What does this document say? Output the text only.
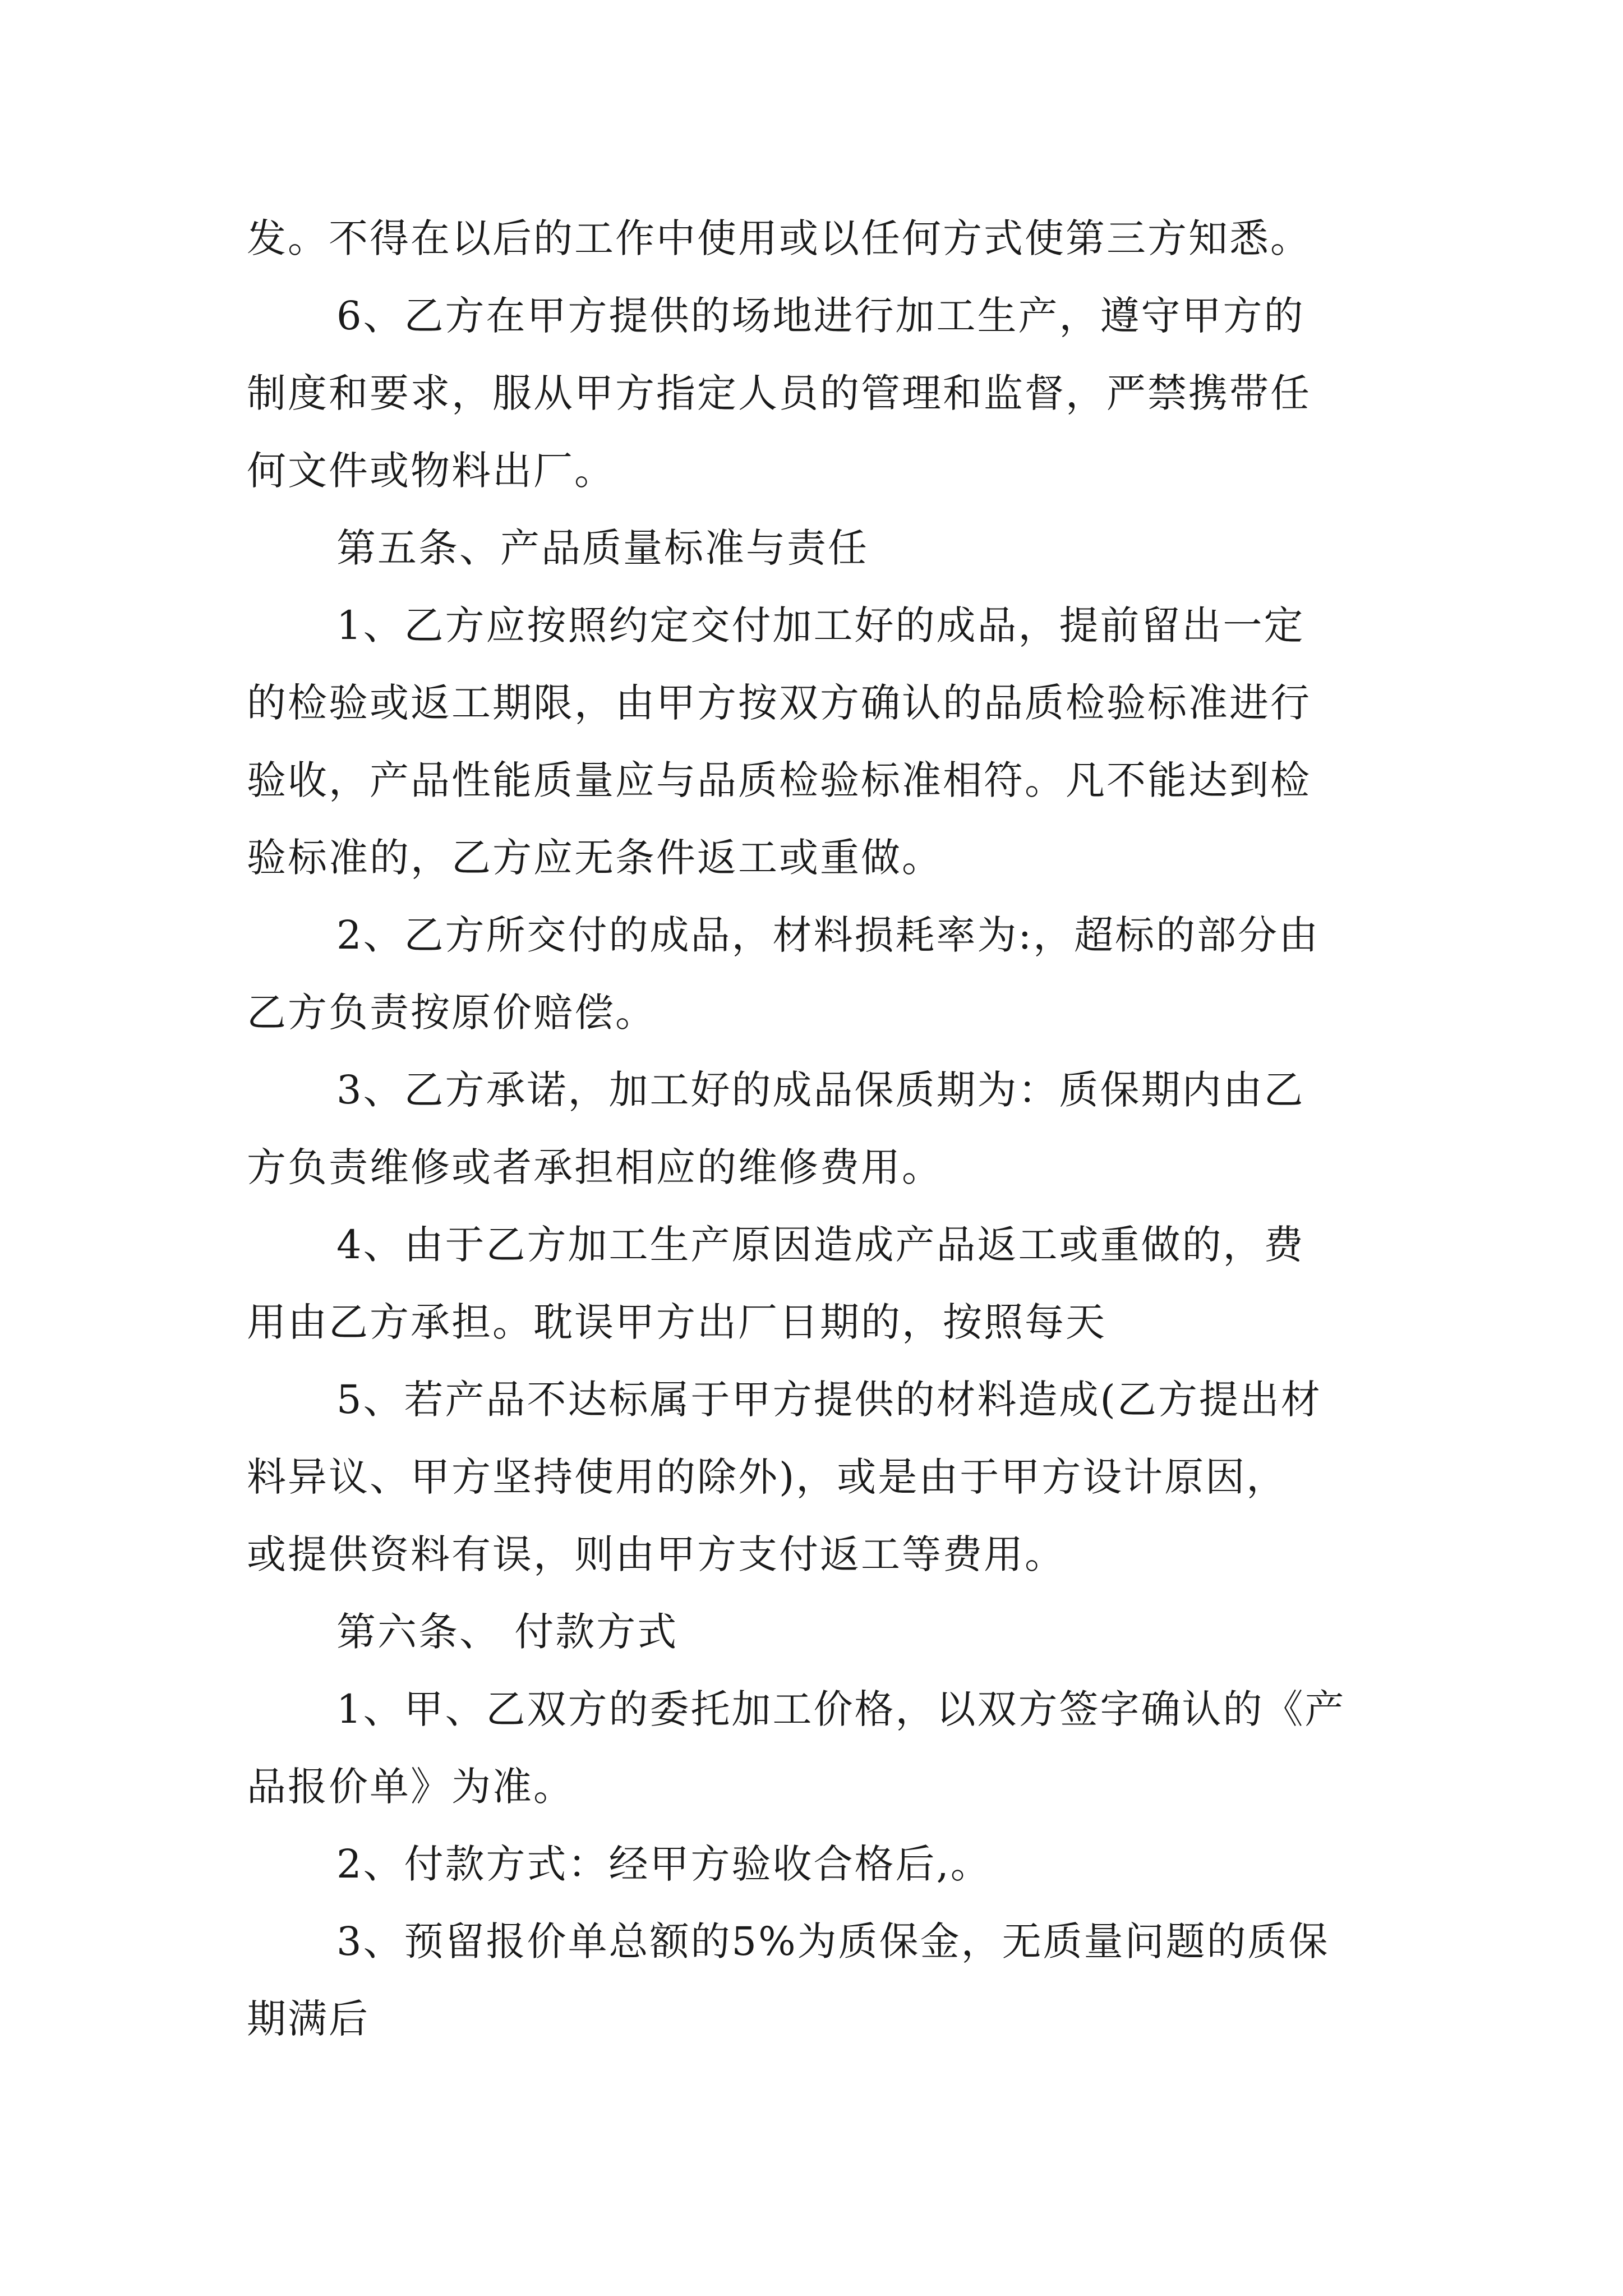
发。不得在以后的工作中使用或以任何方式使第三方知悉。
6、乙方在甲方提供的场地进行加工生产，遵守甲方的
制度和要求，服从甲方指定人员的管理和监督，严禁携带任
何文件或物料出厂。
第五条、产品质量标准与责任
1、乙方应按照约定交付加工好的成品，提前留出一定
的检验或返工期限，由甲方按双方确认的品质检验标准进行
验收，产品性能质量应与品质检验标准相符。凡不能达到检
验标准的，乙方应无条件返工或重做。
2、乙方所交付的成品，材料损耗率为:，超标的部分由
乙方负责按原价赔偿。
3、乙方承诺，加工好的成品保质期为：质保期内由乙
方负责维修或者承担相应的维修费用。
4、由于乙方加工生产原因造成产品返工或重做的，费
用由乙方承担。耽误甲方出厂日期的，按照每天
5、若产品不达标属于甲方提供的材料造成(乙方提出材
料异议、甲方坚持使用的除外)，或是由于甲方设计原因，
或提供资料有误，则由甲方支付返工等费用。
第六条、 付款方式
1、甲、乙双方的委托加工价格，以双方签字确认的《产
品报价单》为准。
2、付款方式：经甲方验收合格后,。
3、预留报价单总额的5%为质保金，无质量问题的质保
期满后
